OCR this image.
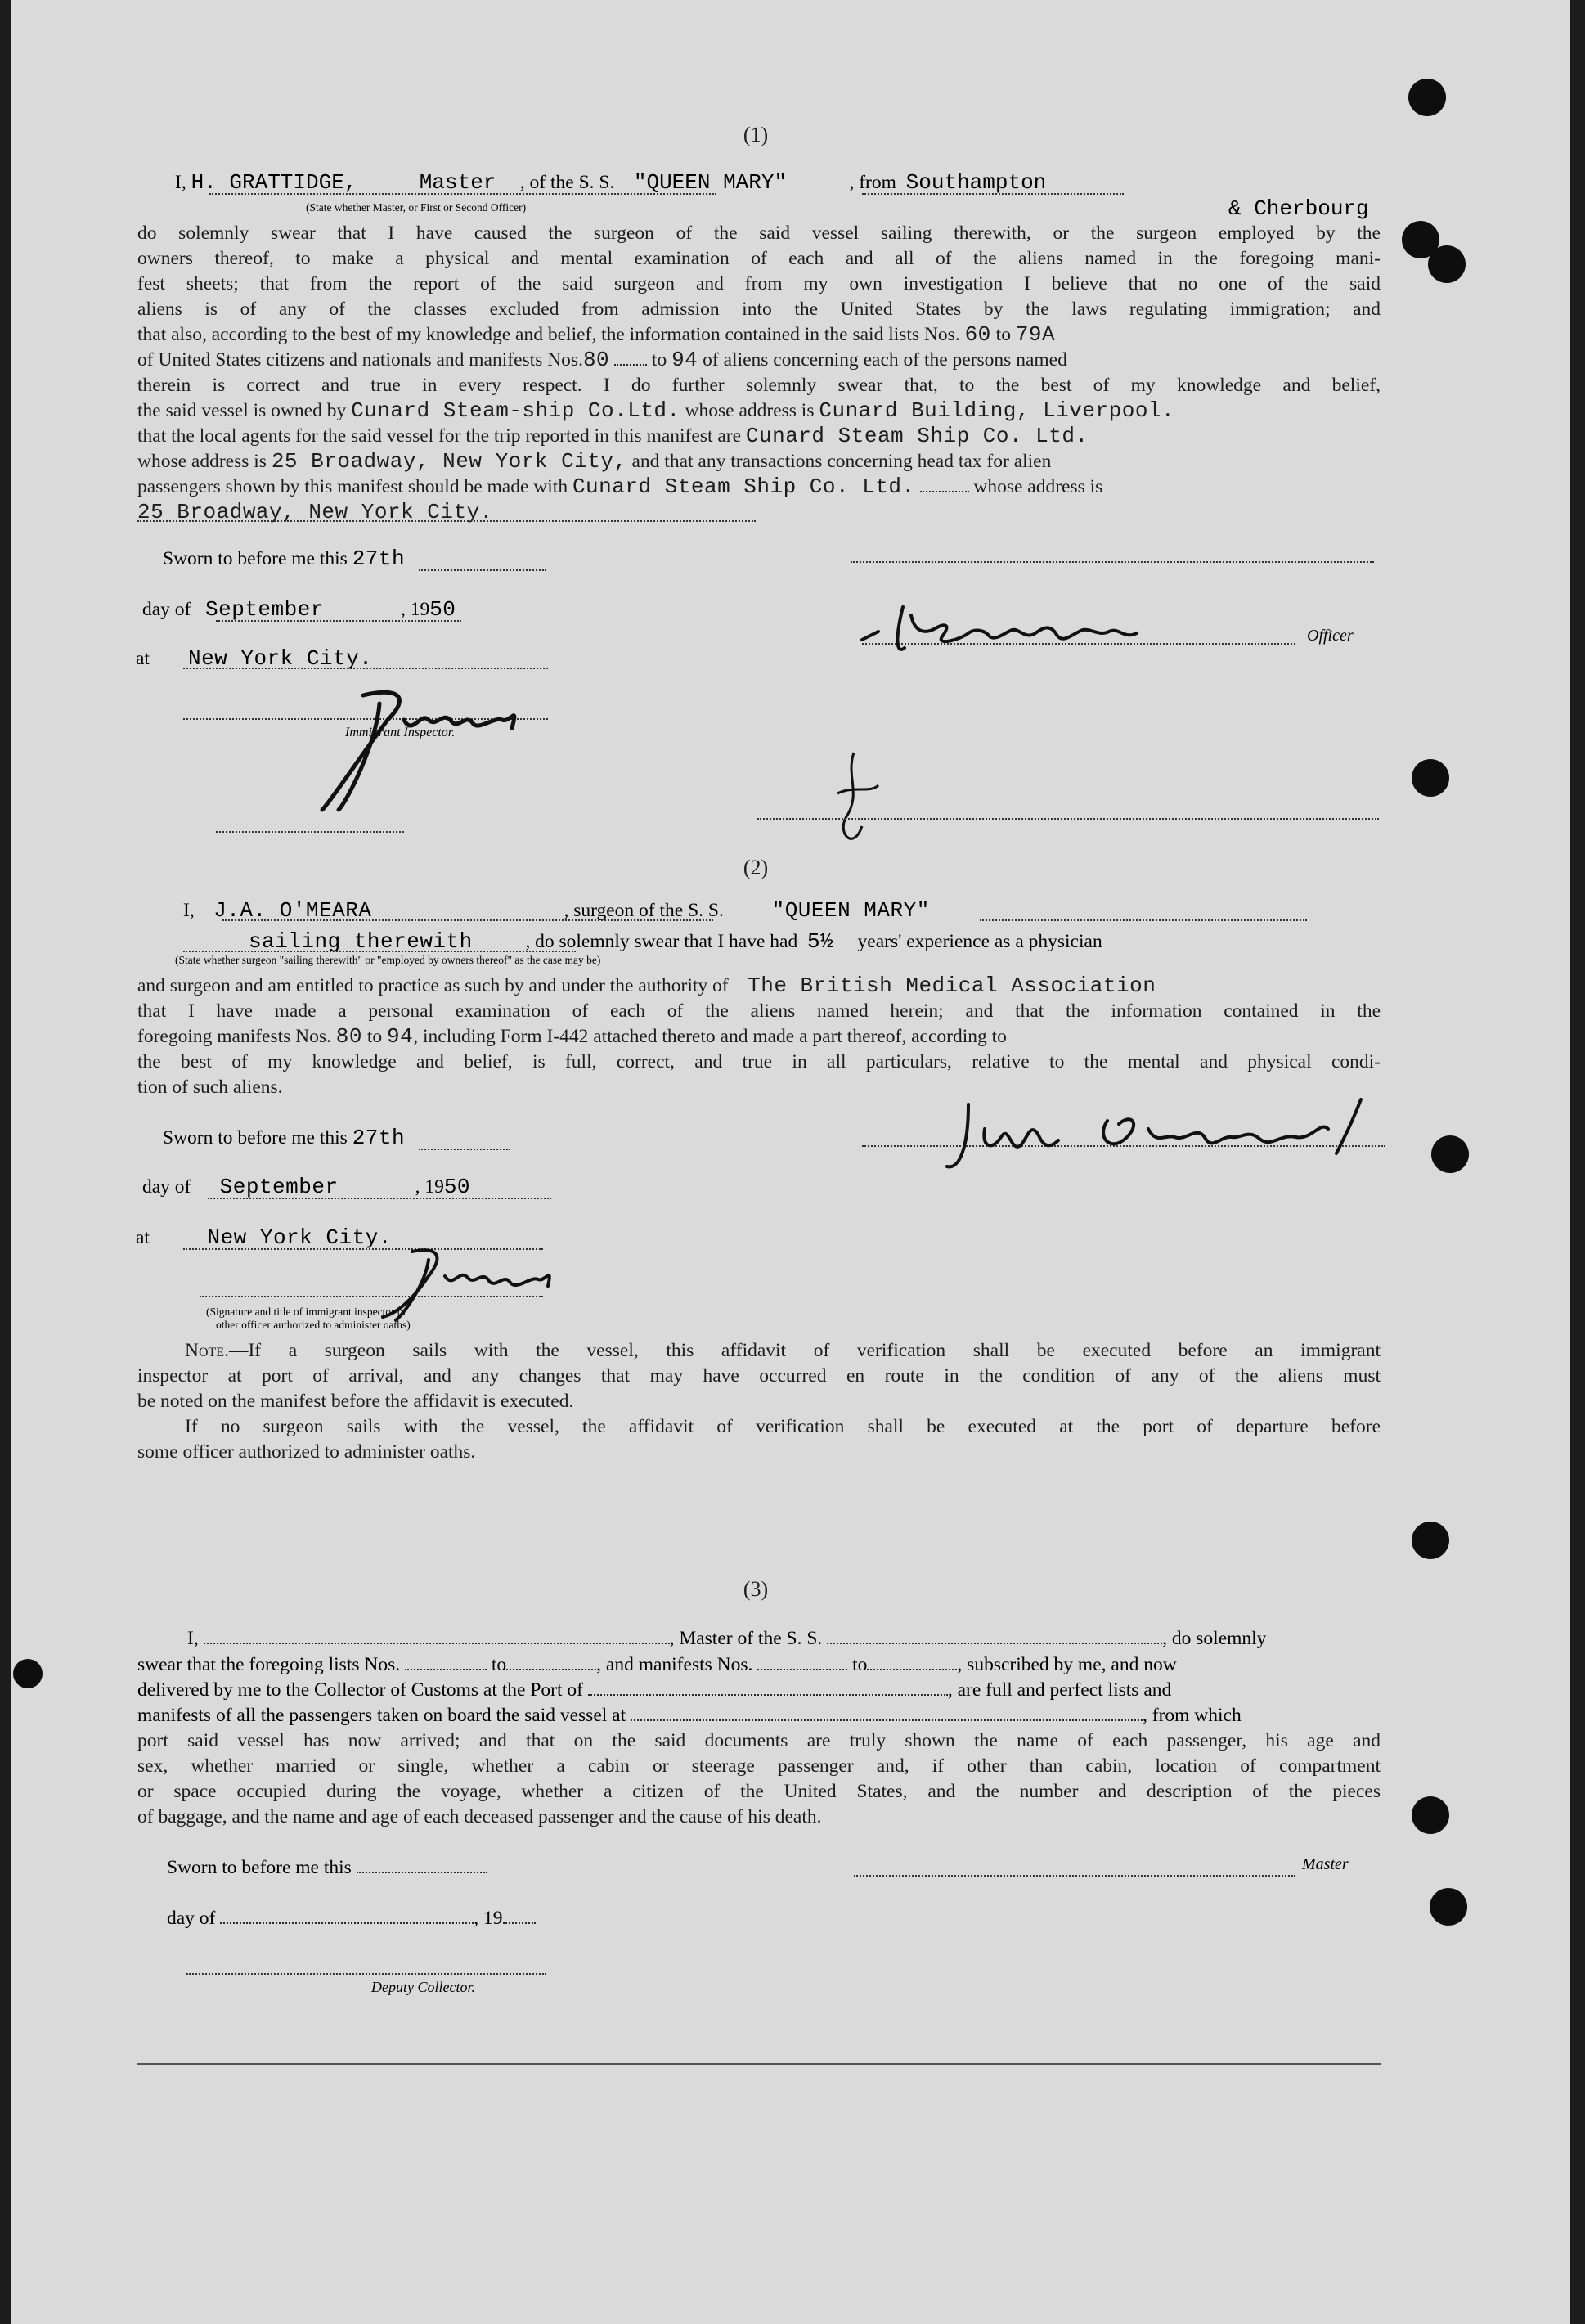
(1)
I, H. GRATTIDGE,	Master , of the S. S. "QUEEN MARY"	, from Southampton
(State whether Master, or First or Second Officer)	& Cherbourg
do solemnly swear that I have caused the surgeon of the said vessel sailing therewith, or the surgeon employed by the
owners thereof, to make a physical and mental examination of each and all of the aliens named in the foregoing mani-
fest sheets; that from the report of the said surgeon and from my own investigation I believe that no one of the said
aliens is of any of the classes excluded from admission into the United States by the laws regulating immigration; and
that also, according to the best of my knowledge and belief, the information contained in the said lists Nos. 60 to 79A
of United States citizens and nationals and manifests Nos.80 to 94 of aliens concerning each of the persons named
therein is correct and true in every respect. I do further solemnly swear that, to the best of my knowledge and belief,
the said vessel is owned by Cunard Steam-ship Co.Ltd. whose address is Cunard Building, Liverpool.
that the local agents for the said vessel for the trip reported in this manifest are Cunard Steam Ship Co. Ltd.
whose address is 25 Broadway, New York City, and that any transactions concerning head tax for alien
passengers shown by this manifest should be made with Cunard Steam Ship Co. Ltd.	whose address is
25 Broadway, New York City.
Sworn to before me this 27th
day of September	, 1950
at New York City.
Immigrant Inspector.
Officer
(2)
I, J.A. O'MEARA	, surgeon of the S. S. "QUEEN MARY"
sailing therewith	, do solemnly swear that I have had 5½ years' experience as a physician
(State whether surgeon "sailing therewith" or "employed by owners thereof" as the case may be)
and surgeon and am entitled to practice as such by and under the authority of The British Medical Association
that I have made a personal examination of each of the aliens named herein; and that the information contained in the
foregoing manifests Nos. 80 to 94, including Form I-442 attached thereto and made a part thereof, according to
the best of my knowledge and belief, is full, correct, and true in all particulars, relative to the mental and physical condi-
tion of such aliens.
Sworn to before me this 27th
day of September	, 1950
at	New York City.
(Signature and title of immigrant inspector or
other officer authorized to administer oaths)
Note.—If a surgeon sails with the vessel, this affidavit of verification shall be executed before an immigrant
inspector at port of arrival, and any changes that may have occurred en route in the condition of any of the aliens must
be noted on the manifest before the affidavit is executed.
If no surgeon sails with the vessel, the affidavit of verification shall be executed at the port of departure before
some officer authorized to administer oaths.
(3)
I,	, Master of the S. S.	, do solemnly
swear that the foregoing lists Nos.	to	, and manifests Nos.	to	, subscribed by me, and now
delivered by me to the Collector of Customs at the Port of	, are full and perfect lists and
manifests of all the passengers taken on board the said vessel at	, from which
port said vessel has now arrived; and that on the said documents are truly shown the name of each passenger, his age and
sex, whether married or single, whether a cabin or steerage passenger and, if other than cabin, location of compartment
or space occupied during the voyage, whether a citizen of the United States, and the number and description of the pieces
of baggage, and the name and age of each deceased passenger and the cause of his death.
Sworn to before me this	Master
day of	, 19
Deputy Collector.
